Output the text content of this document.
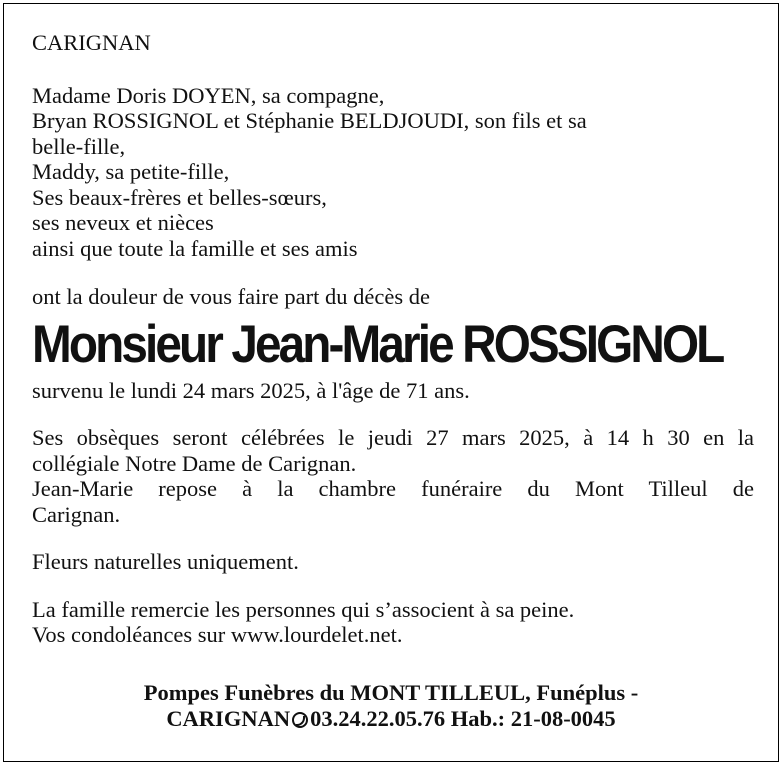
CARIGNAN
Madame Doris DOYEN, sa compagne,
Bryan ROSSIGNOL et Stéphanie BELDJOUDI, son fils et sa
belle-fille,
Maddy, sa petite-fille,
Ses beaux-frères et belles-sœurs,
ses neveux et nièces
ainsi que toute la famille et ses amis
ont la douleur de vous faire part du décès de
Monsieur Jean-Marie ROSSIGNOL
survenu le lundi 24 mars 2025, à l'âge de 71 ans.
Ses obsèques seront célébrées le jeudi 27 mars 2025, à 14 h 30 en la
collégiale Notre Dame de Carignan.
Jean-Marie repose à la chambre funéraire du Mont Tilleul de
Carignan.
Fleurs naturelles uniquement.
La famille remercie les personnes qui s’associent à sa peine.
Vos condoléances sur www.lourdelet.net.
Pompes Funèbres du MONT TILLEUL, Funéplus -
CARIGNAN 03.24.22.05.76 Hab.: 21-08-0045
